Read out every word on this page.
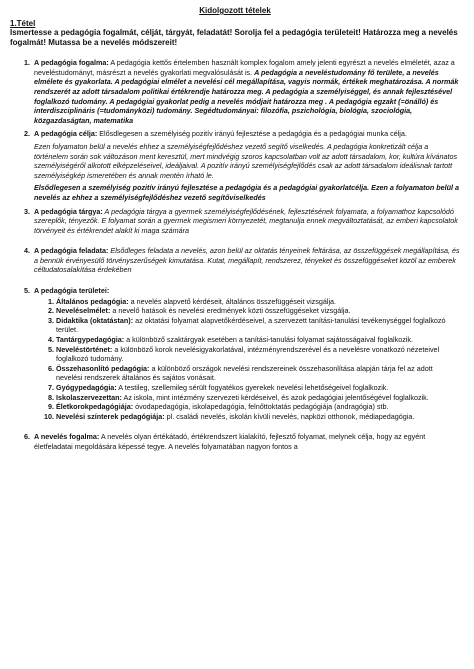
Kidolgozott tételek
1.Tétel
Ismertesse a pedagógia fogalmát, célját, tárgyát, feladatát! Sorolja fel a pedagógia területeit! Határozza meg a nevelés fogalmát! Mutassa be a nevelés módszereit!
1. A pedagógia fogalma: A pedagógia kettős értelemben használt komplex fogalom amely jelenti egyrészt a nevelés elméletét, azaz a neveléstudományt, másrészt a nevelés gyakorlati megvalósulását is. A pedagógia a neveléstudomány fő területe, a nevelés elmélete és gyakorlata. A pedagógiai elmélet a nevelési cél megállapítása, vagyis normák, értékek meghatározása. A normák rendszerét az adott társadalom politikai értékrendje határozza meg. A pedagógia a személyiséggel, és annak fejlesztésével foglalkozó tudomány. A pedagógiai gyakorlat pedig a nevelés módjait határozza meg . A pedagógia egzakt (=önálló) és interdiszciplináris (=tudományközi) tudomány. Segédtudományai: filozófia, pszichológia, biológia, szociológia, közgazdaságtan, matematika
2. A pedagógia célja: Elősdlegesen a személyiség pozitív irányú fejlesztése a pedagógia és a pedagógiai munka célja.
Ezen folyamaton belül a nevelés ehhez a személyiségfejlődéshez vezető segítő viselkedés. A pedagógia konkretizált célja a történelem során sok változáson ment keresztül, mert mindvégig szoros kapcsolatban volt az adott társadalom, kor, kultúra kívánatos személyiségéről alkotott elképzeléseivel, ideáljaival. A pozitív irányú személyiségfejlődés csak az adott társadalom ideálisnak tartott személyiségkép ismeretében és annak mentén írható le.
Elsődlegesen a személyiség pozitív irányú fejlesztése a pedagógia és a pedagógiai gyakorlatcélja. Ezen a folyamaton belül a nevelés az ehhez a személyiségfejlődéshez vezető segítőviselkedés
3. A pedagógia tárgya: A pedagógia tárgya a gyermek személyiségfejlődésének, fejlesztésének folyamata, a folyamathoz kapcsolódó szereplők, tényezők. E folyamat során a gyermek megismeri környezetét, megtanulja ennek megváltoztatását, az emberi kapcsolatok törvényeit és értékrendet alakít ki maga számára
4. A pedagógia feladata: Elsődleges feladata a nevelés, azon belül az oktatás tényeinek feltárása, az összefüggések megállapítása, és a bennük érvényesülő törvényszerűségek kimutatása. Kutat, megállapít, rendszerez, tényeket és összefüggéseket közöl az emberek céltudatosalakítása érdekében
5. A pedagógia területei:
1. Általános pedagógia: a nevelés alapvető kérdéseit, általános összefüggéseit vizsgálja.
2. Neveléselmélet: a nevelő hatások és nevelési eredmények közti összefüggéseket vizsgálja.
3. Didaktika (oktatástan): az oktatási folyamat alapvetőkérdéseivel, a szervezett tanítási-tanulási tevékenységgel foglalkozó terület.
4. Tantárgypedagógia: a különböző szaktárgyak esetében a tanítási-tanulási folyamat sajátosságaival foglalkozik.
5. Neveléstörténet: a különböző korok nevelésigyakorlatával, intézményrendszerével és a nevelésre vonatkozó nézeteivel foglalkozó tudomány.
6. Összehasonlító pedagógia: a különböző országok nevelési rendszereinek összehasonlítása alapján tárja fel az adott nevelési rendszerek általános és sajátos vonásait.
7. Gyógypedagógia: A testileg, szellemileg sérült fogyatékos gyerekek nevelési lehetőségeivel foglalkozik.
8. Iskolaszervezettan: Az iskola, mint intézmény szervezeti kérdéseivel, és azok pedagógiai jelentőségével foglalkozik.
9. Életkorokpedagógiája: óvodapedagógia, iskolapedagógia, felnőttoktatás pedagógiája (andragógia) stb.
10. Nevelési színterek pedagógiája: pl. családi nevelés, iskolán kívüli nevelés, napközi otthonok, médiapedagógia.
6. A nevelés fogalma: A nevelés olyan értékátadó, értékrendszert kialakító, fejlesztő folyamat, melynek célja, hogy az egyént életfeladatai megoldására képessé tegye. A nevelés folyamatában nagyon fontos a
